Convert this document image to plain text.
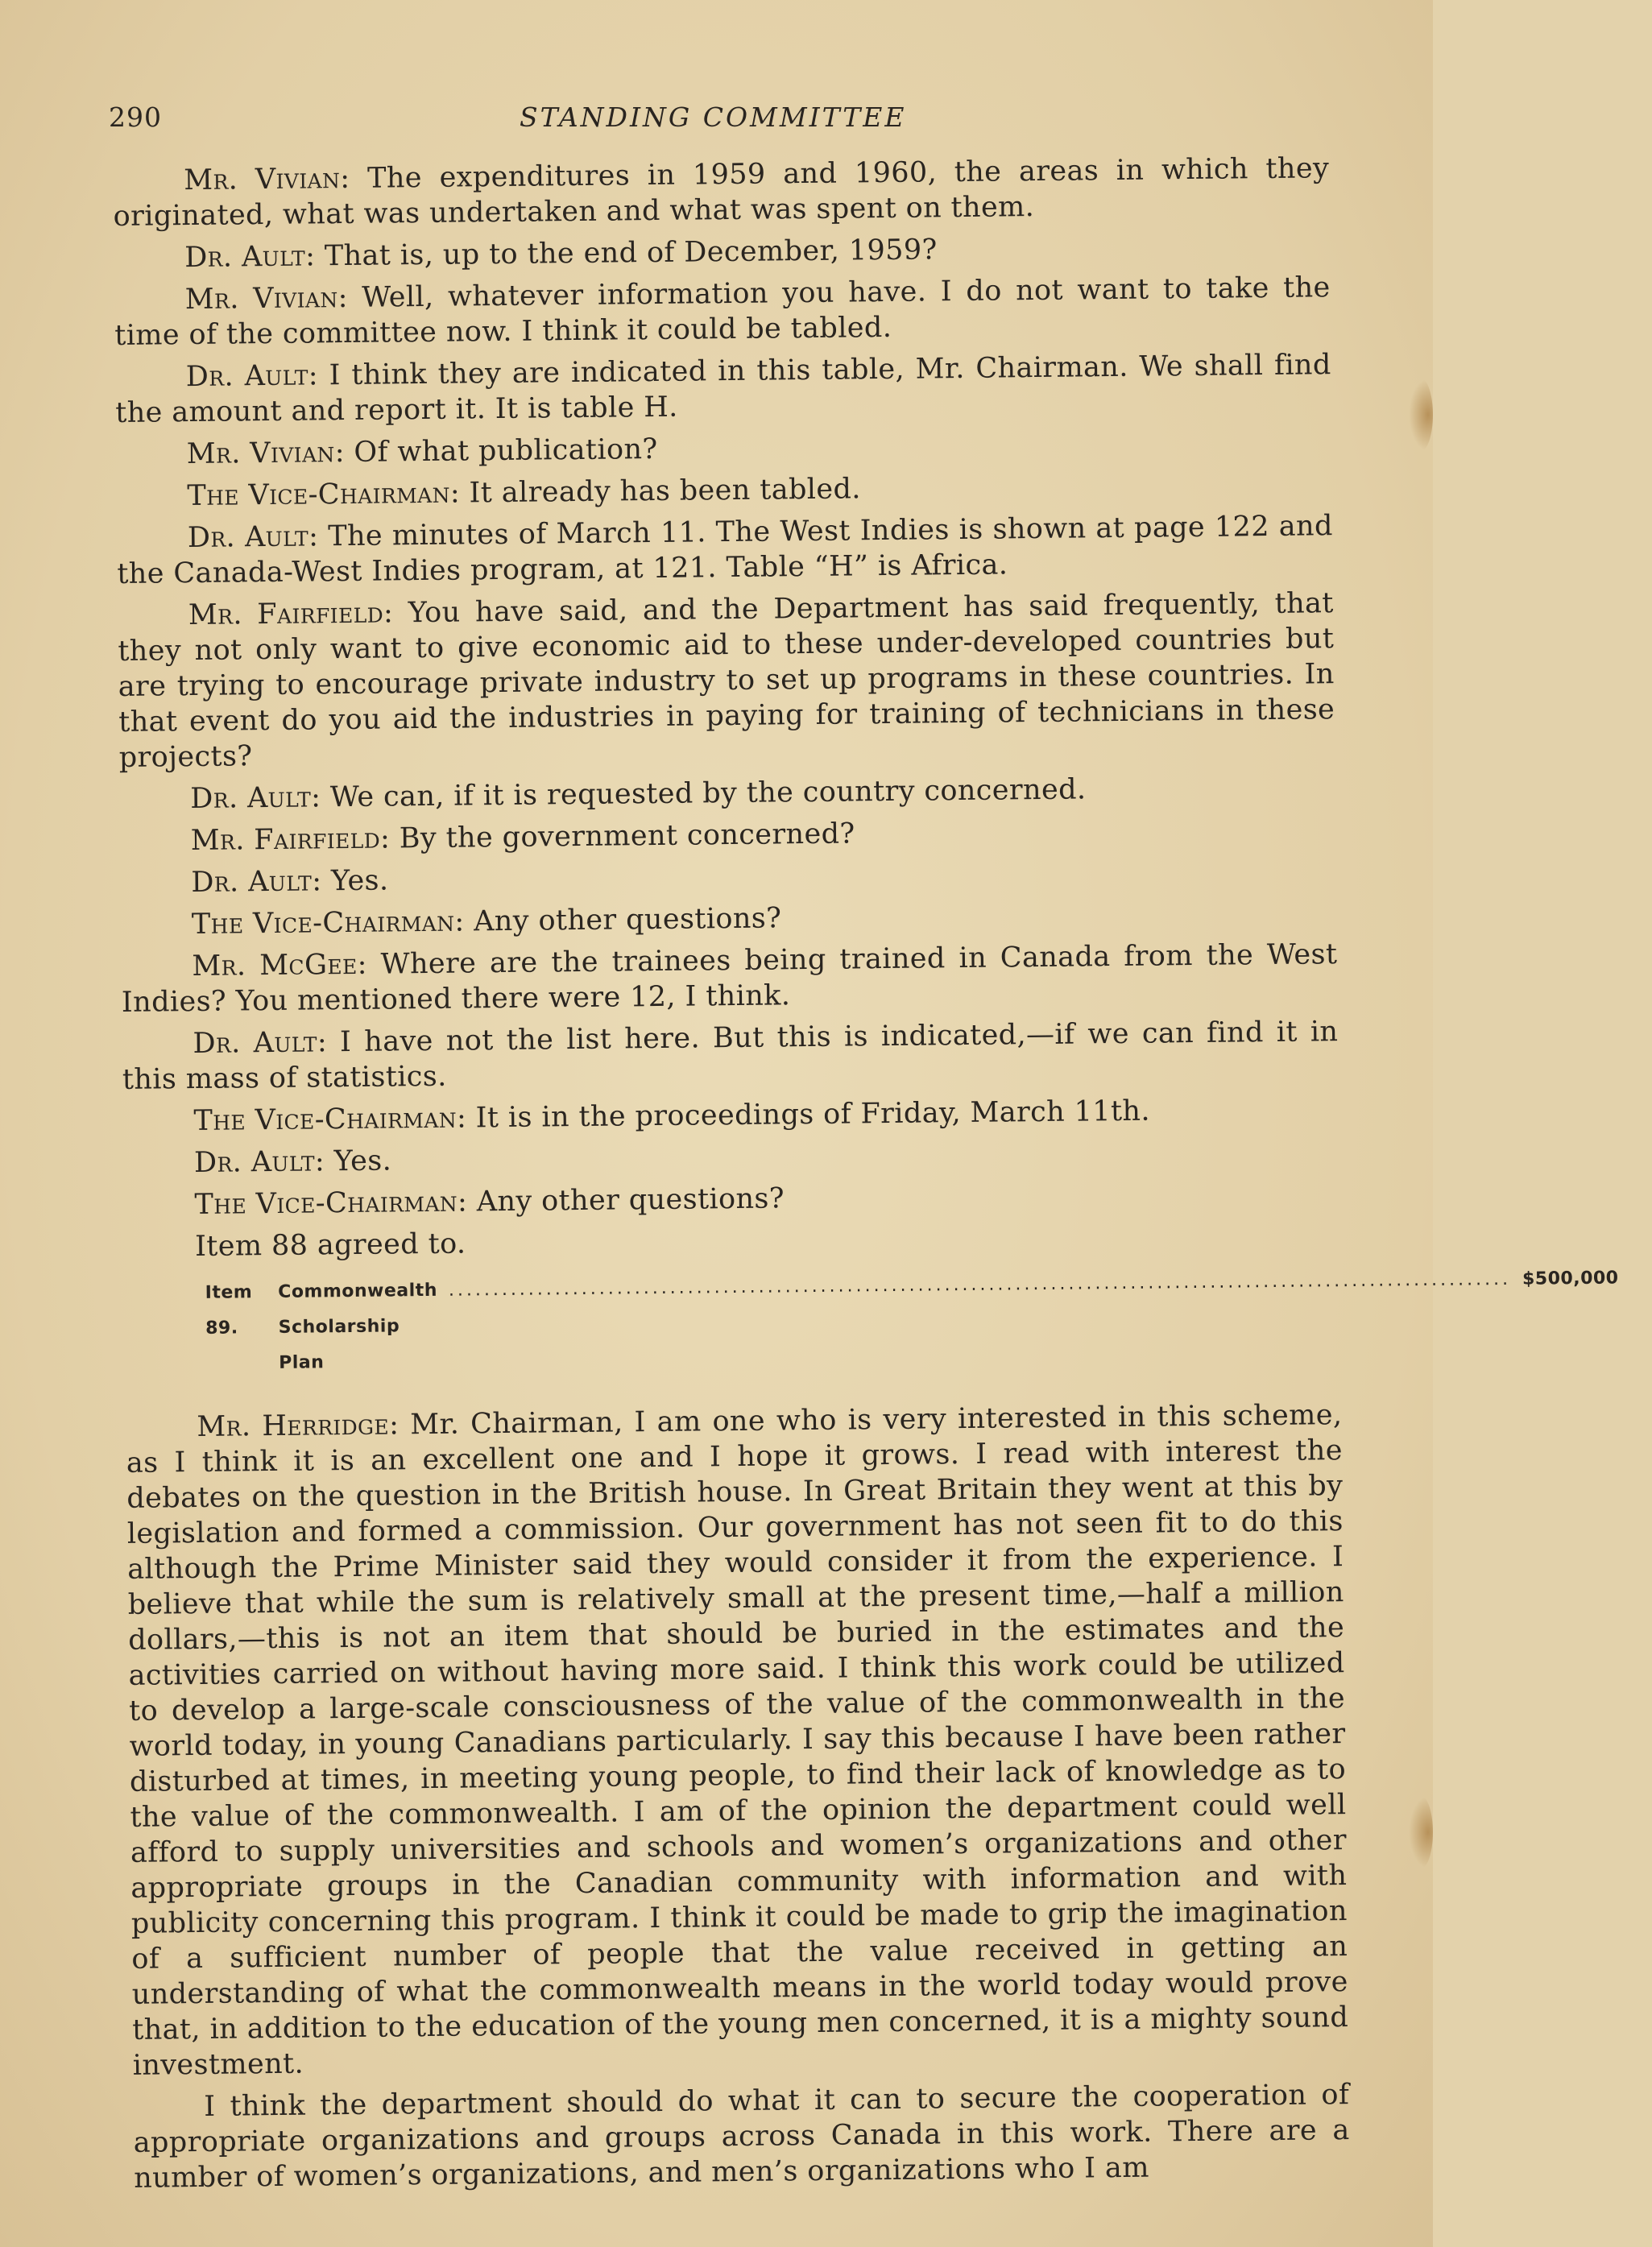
290	STANDING COMMITTEE

Mr. Vivian: The expenditures in 1959 and 1960, the areas in which they originated, what was undertaken and what was spent on them.

Dr. Ault: That is, up to the end of December, 1959?

Mr. Vivian: Well, whatever information you have. I do not want to take the time of the committee now. I think it could be tabled.

Dr. Ault: I think they are indicated in this table, Mr. Chairman. We shall find the amount and report it. It is table H.

Mr. Vivian: Of what publication?

The Vice-Chairman: It already has been tabled.

Dr. Ault: The minutes of March 11. The West Indies is shown at page 122 and the Canada-West Indies program, at 121. Table “H” is Africa.

Mr. Fairfield: You have said, and the Department has said frequently, that they not only want to give economic aid to these under-developed countries but are trying to encourage private industry to set up programs in these countries. In that event do you aid the industries in paying for training of technicians in these projects?

Dr. Ault: We can, if it is requested by the country concerned.

Mr. Fairfield: By the government concerned?

Dr. Ault: Yes.

The Vice-Chairman: Any other questions?

Mr. McGee: Where are the trainees being trained in Canada from the West Indies? You mentioned there were 12, I think.

Dr. Ault: I have not the list here. But this is indicated,—if we can find it in this mass of statistics.

The Vice-Chairman: It is in the proceedings of Friday, March 11th.

Dr. Ault: Yes.

The Vice-Chairman: Any other questions?

Item 88 agreed to.

Item 89.
Commonwealth Scholarship Plan
........................................................................................................................ $ 500,000

Mr. Herridge: Mr. Chairman, I am one who is very interested in this scheme, as I think it is an excellent one and I hope it grows. I read with interest the debates on the question in the British house. In Great Britain they went at this by legislation and formed a commission. Our government has not seen fit to do this although the Prime Minister said they would consider it from the experience. I believe that while the sum is relatively small at the present time,—half a million dollars,—this is not an item that should be buried in the estimates and the activities carried on without having more said. I think this work could be utilized to develop a large-scale consciousness of the value of the commonwealth in the world today, in young Canadians particularly. I say this because I have been rather disturbed at times, in meeting young people, to find their lack of knowledge as to the value of the commonwealth. I am of the opinion the department could well afford to supply universities and schools and women’s organizations and other appropriate groups in the Canadian community with information and with publicity concerning this program. I think it could be made to grip the imagination of a sufficient number of people that the value received in getting an understanding of what the commonwealth means in the world today would prove that, in addition to the education of the young men concerned, it is a mighty sound investment.

I think the department should do what it can to secure the cooperation of appropriate organizations and groups across Canada in this work. There are a number of women’s organizations, and men’s organizations who I am
